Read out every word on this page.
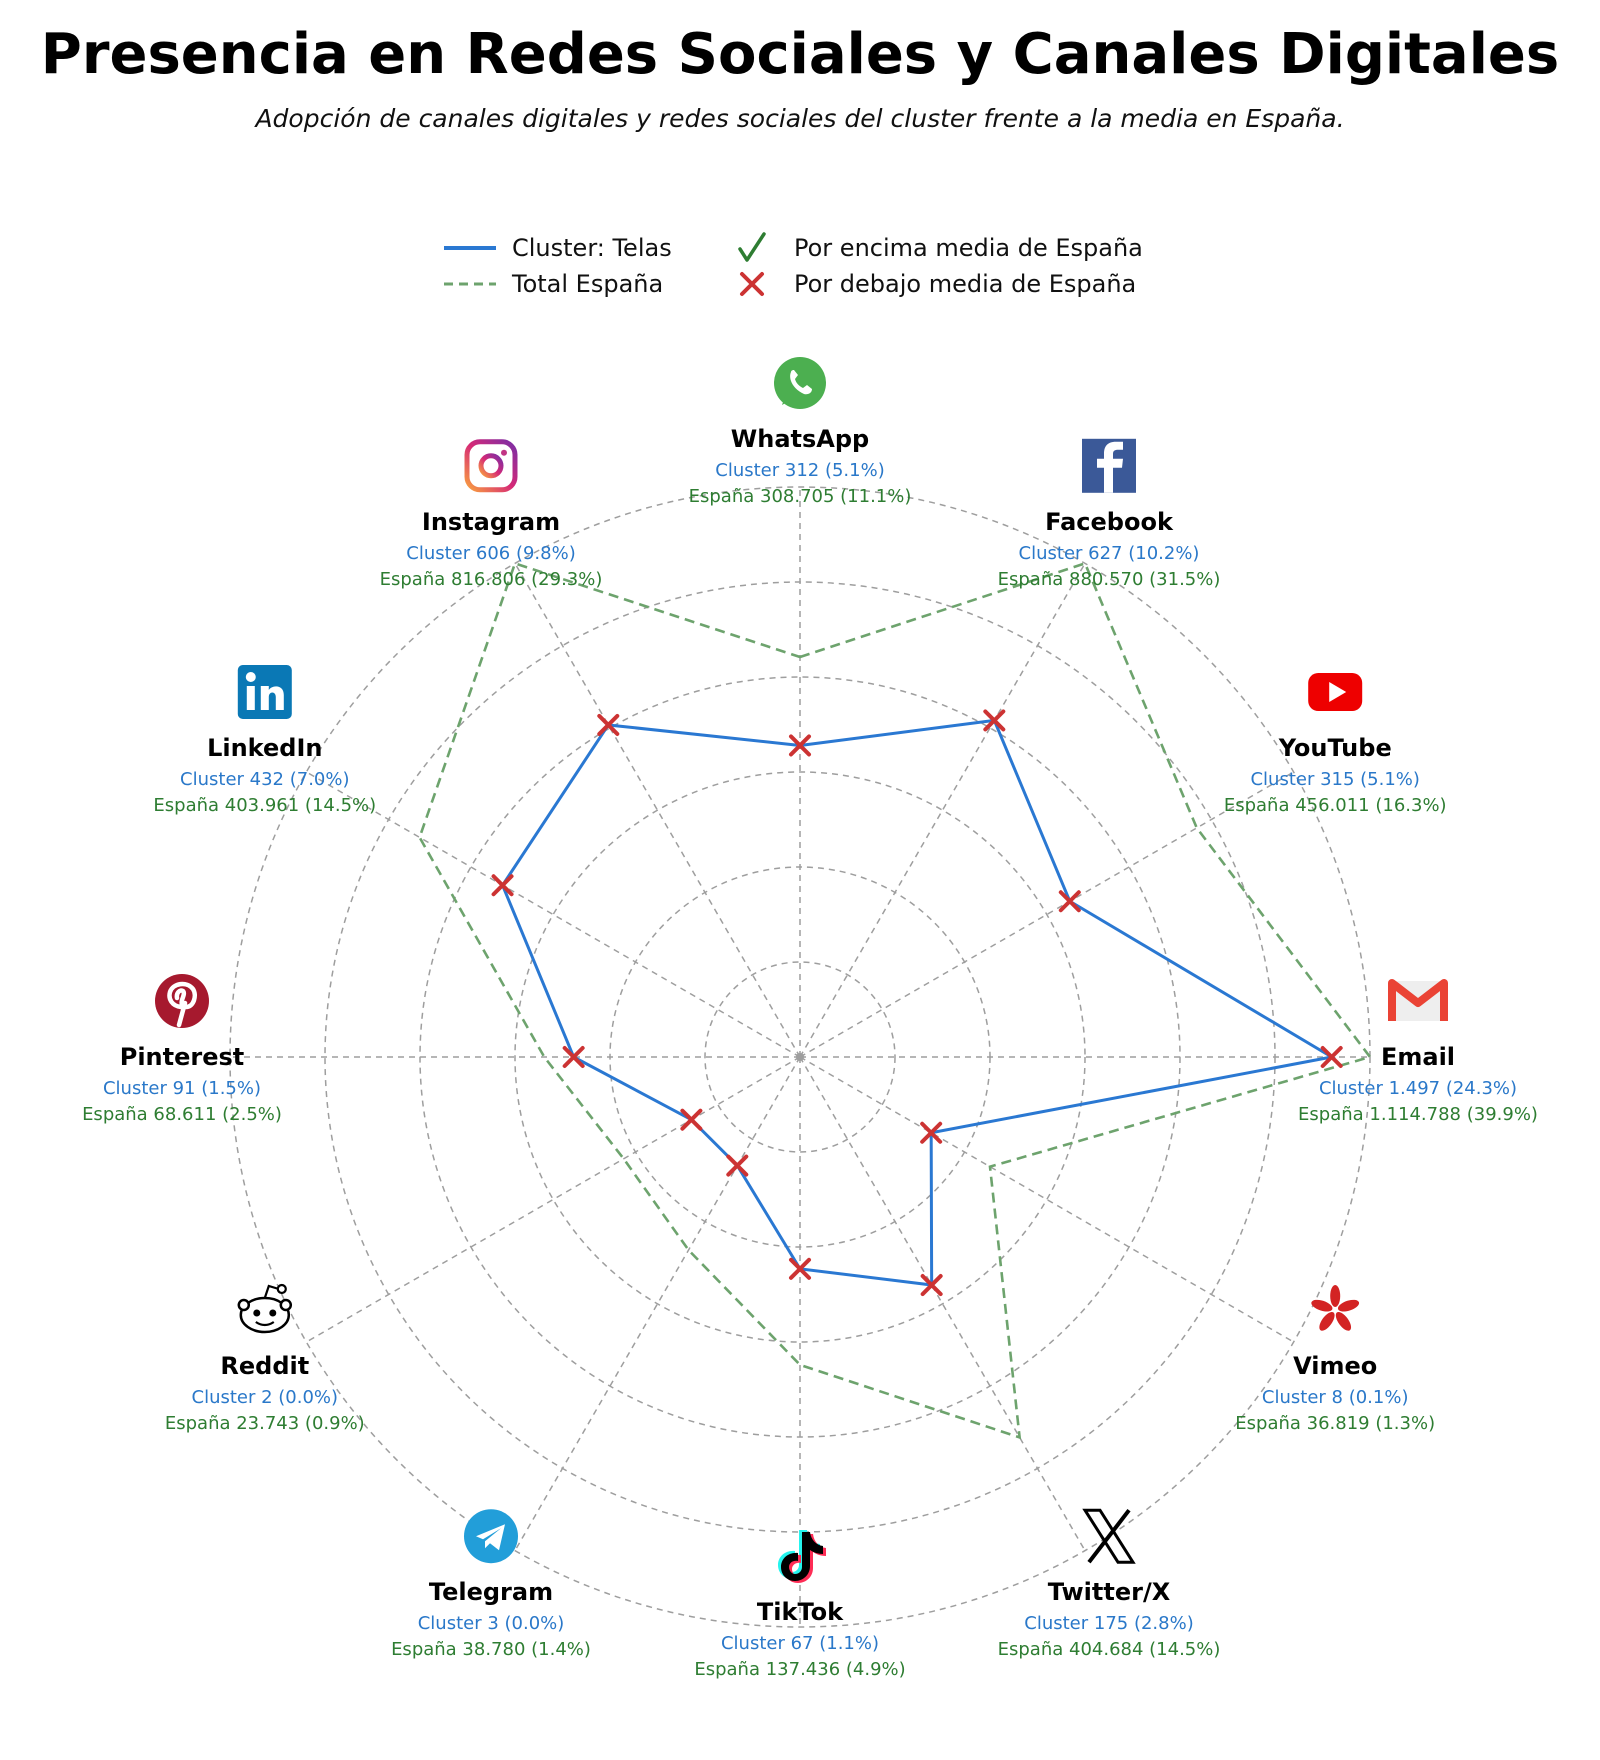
Presencia en Redes Sociales y Canales Digitales
Adopción de canales digitales y redes sociales del cluster frente a la media en España.
WhatsApp
Cluster 312 (5.1%)
España 308.705 (11.1%)
Facebook
Cluster 627 (10.2%)
España 880.570 (31.5%)
YouTube
Cluster 315 (5.1%)
España 456.011 (16.3%)
Email
Cluster 1.497 (24.3%)
España 1.114.788 (39.9%)
Vimeo
Cluster 8 (0.1%)
España 36.819 (1.3%)
Twitter/X
Cluster 175 (2.8%)
España 404.684 (14.5%)
TikTok
Cluster 67 (1.1%)
España 137.436 (4.9%)
Telegram
Cluster 3 (0.0%)
España 38.780 (1.4%)
Reddit
Cluster 2 (0.0%)
España 23.743 (0.9%)
Pinterest
Cluster 91 (1.5%)
España 68.611 (2.5%)
LinkedIn
Cluster 432 (7.0%)
España 403.961 (14.5%)
Instagram
Cluster 606 (9.8%)
España 816.806 (29.3%)
Cluster: Telas
Total España
Por encima media de España
Por debajo media de España
